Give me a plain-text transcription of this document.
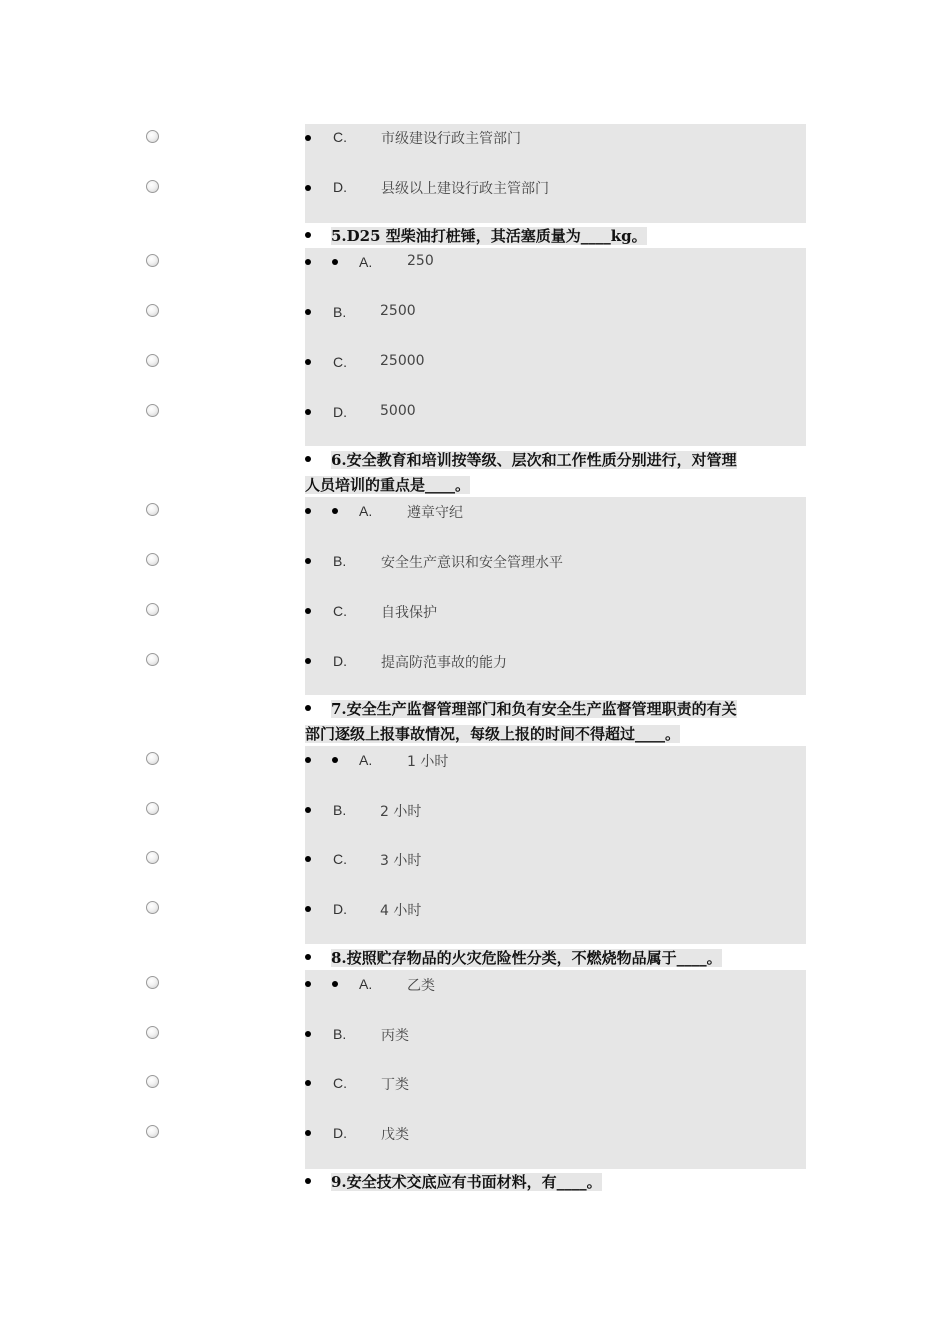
C. 市级建设行政主管部门
D. 县级以上建设行政主管部门
5.D25 型柴油打桩锤，其活塞质量为____kg。
A. 250
B. 2500
C. 25000
D. 5000
6.安全教育和培训按等级、层次和工作性质分别进行，对管理
人员培训的重点是____。
A. 遵章守纪
B. 安全生产意识和安全管理水平
C. 自我保护
D. 提高防范事故的能力
7.安全生产监督管理部门和负有安全生产监督管理职责的有关
部门逐级上报事故情况，每级上报的时间不得超过____。
A. 1 小时
B. 2 小时
C. 3 小时
D. 4 小时
8.按照贮存物品的火灾危险性分类，不燃烧物品属于____。
A. 乙类
B. 丙类
C. 丁类
D. 戊类
9.安全技术交底应有书面材料，有____。
